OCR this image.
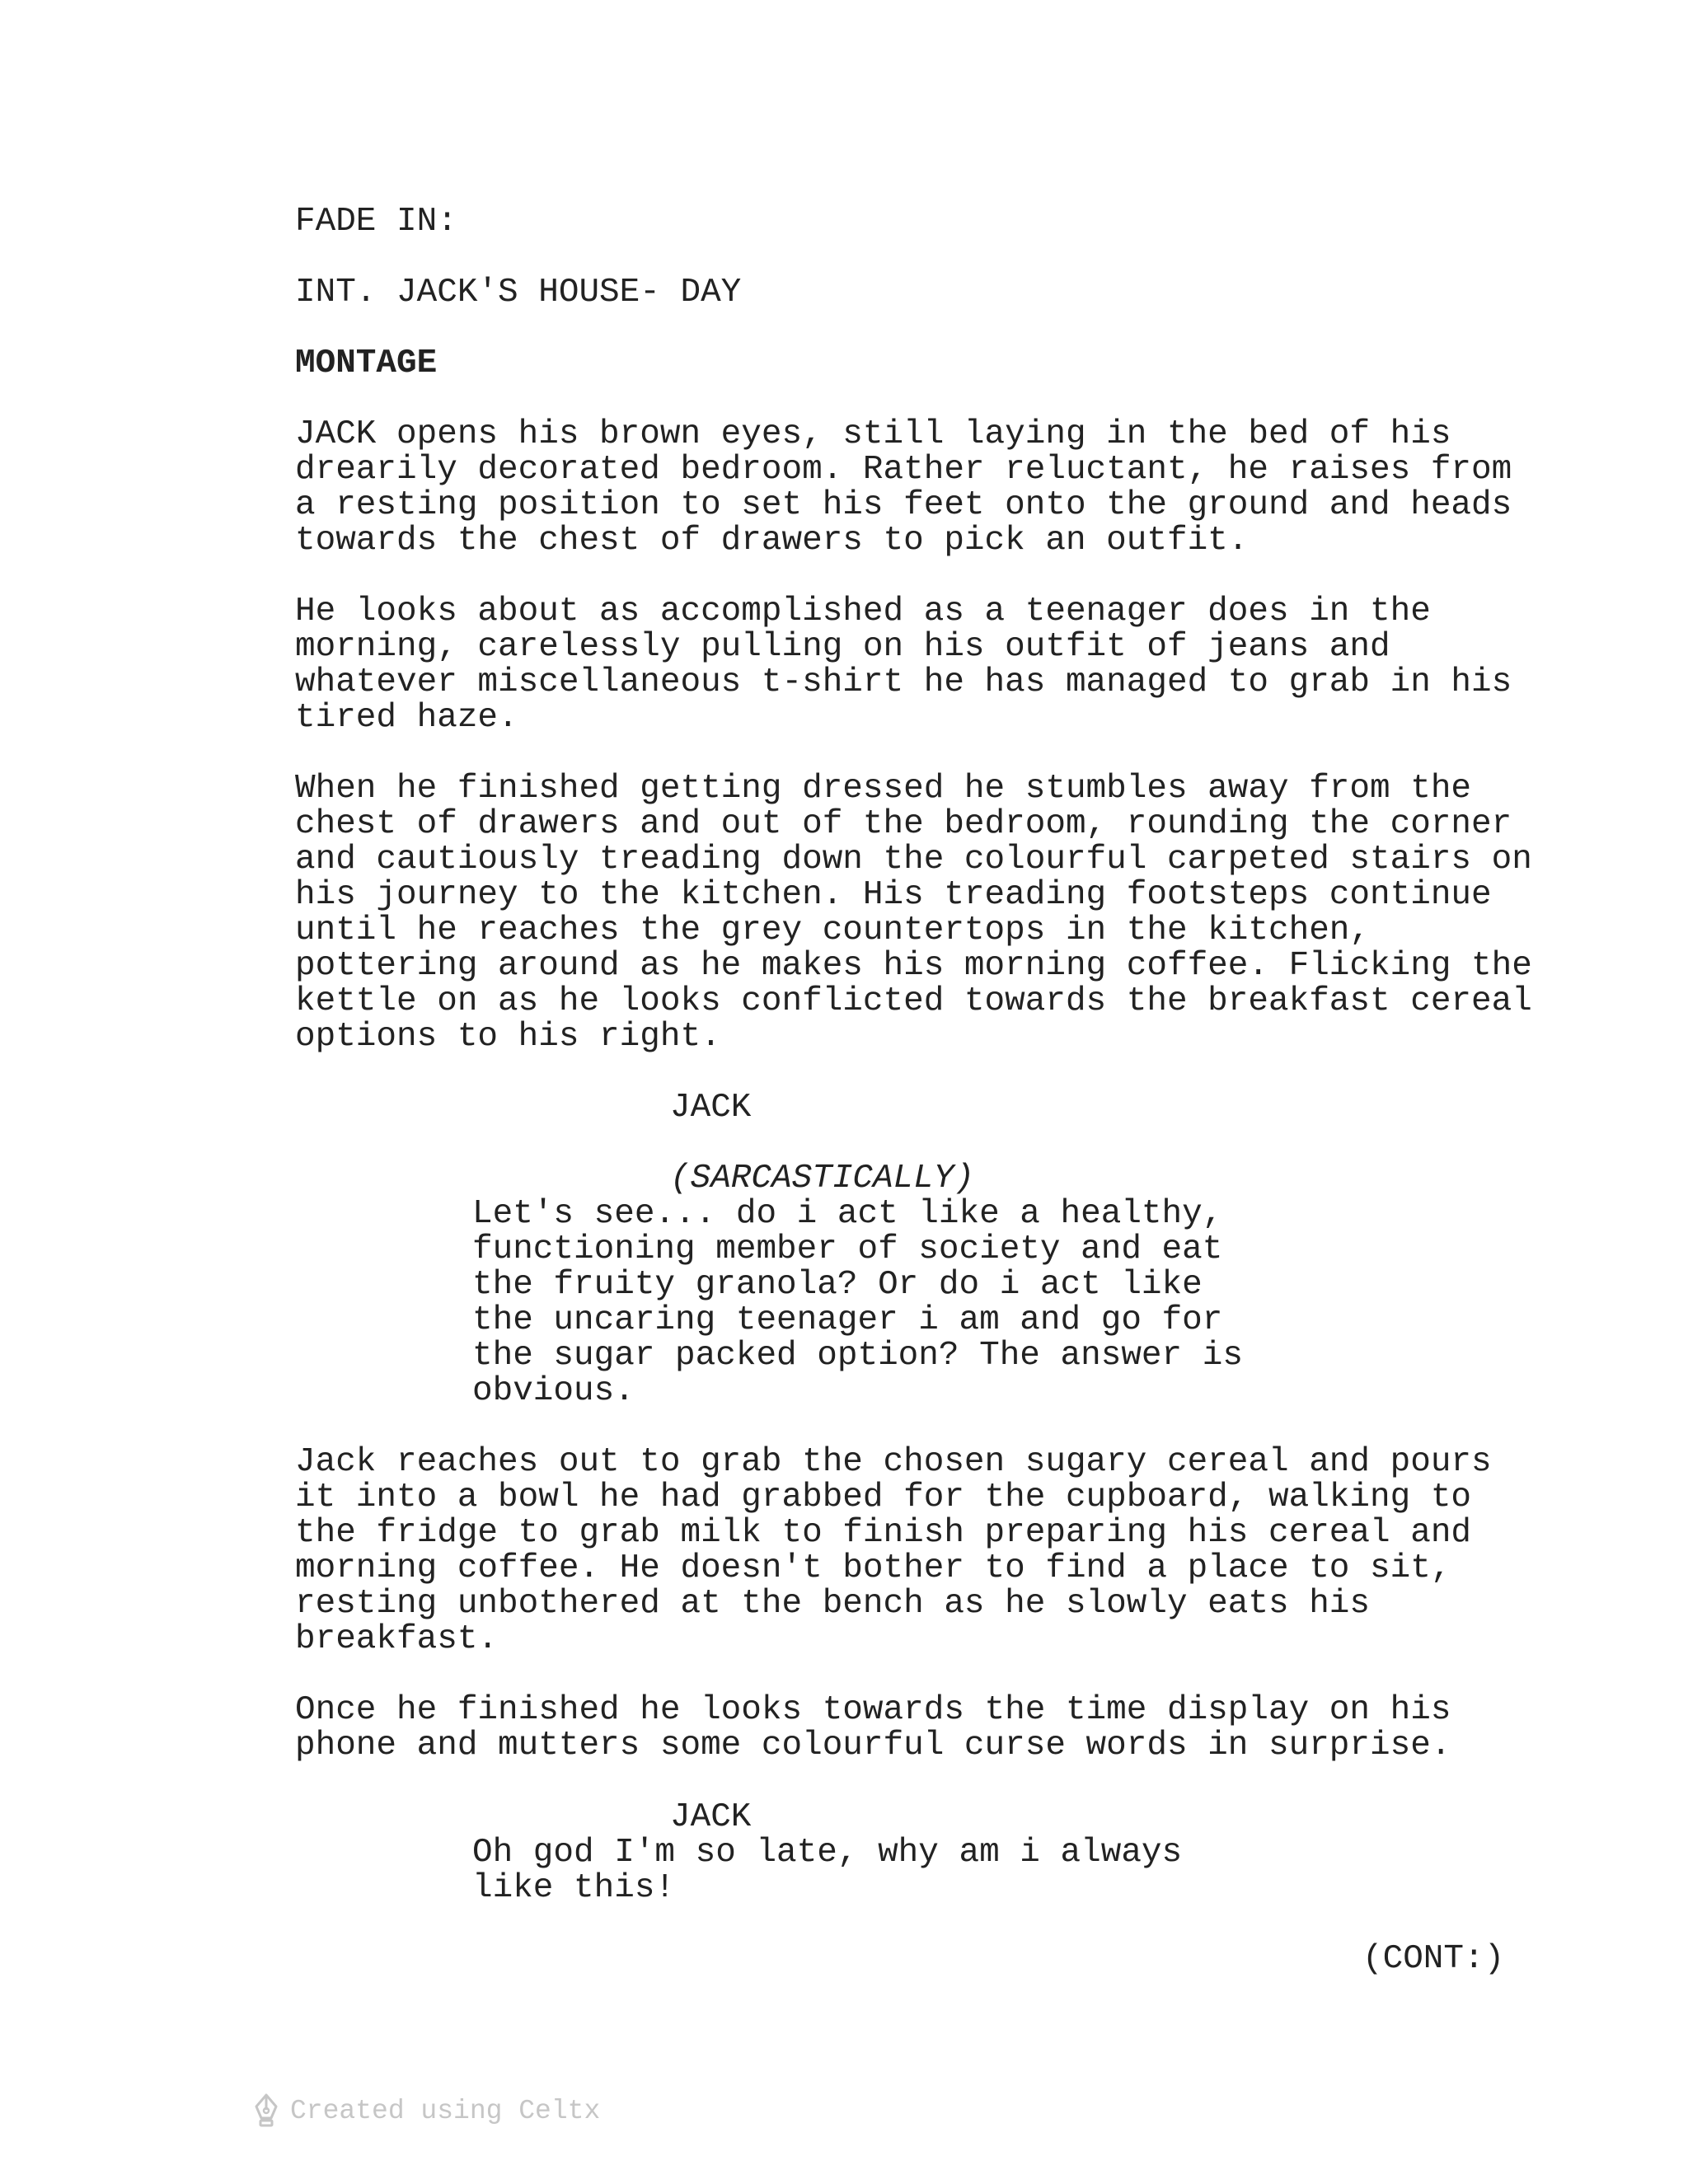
FADE IN:

INT. JACK'S HOUSE- DAY

MONTAGE

JACK opens his brown eyes, still laying in the bed of his
drearily decorated bedroom. Rather reluctant, he raises from
a resting position to set his feet onto the ground and heads
towards the chest of drawers to pick an outfit.

He looks about as accomplished as a teenager does in the
morning, carelessly pulling on his outfit of jeans and
whatever miscellaneous t-shirt he has managed to grab in his
tired haze.

When he finished getting dressed he stumbles away from the
chest of drawers and out of the bedroom, rounding the corner
and cautiously treading down the colourful carpeted stairs on
his journey to the kitchen. His treading footsteps continue
until he reaches the grey countertops in the kitchen,
pottering around as he makes his morning coffee. Flicking the
kettle on as he looks conflicted towards the breakfast cereal
options to his right.

JACK

(SARCASTICALLY)

Let's see... do i act like a healthy,
functioning member of society and eat
the fruity granola? Or do i act like
the uncaring teenager i am and go for
the sugar packed option? The answer is
obvious.

Jack reaches out to grab the chosen sugary cereal and pours
it into a bowl he had grabbed for the cupboard, walking to
the fridge to grab milk to finish preparing his cereal and
morning coffee. He doesn't bother to find a place to sit,
resting unbothered at the bench as he slowly eats his
breakfast.

Once he finished he looks towards the time display on his
phone and mutters some colourful curse words in surprise.

JACK

Oh god I'm so late, why am i always
like this!

(CONT:)

Created using Celtx
